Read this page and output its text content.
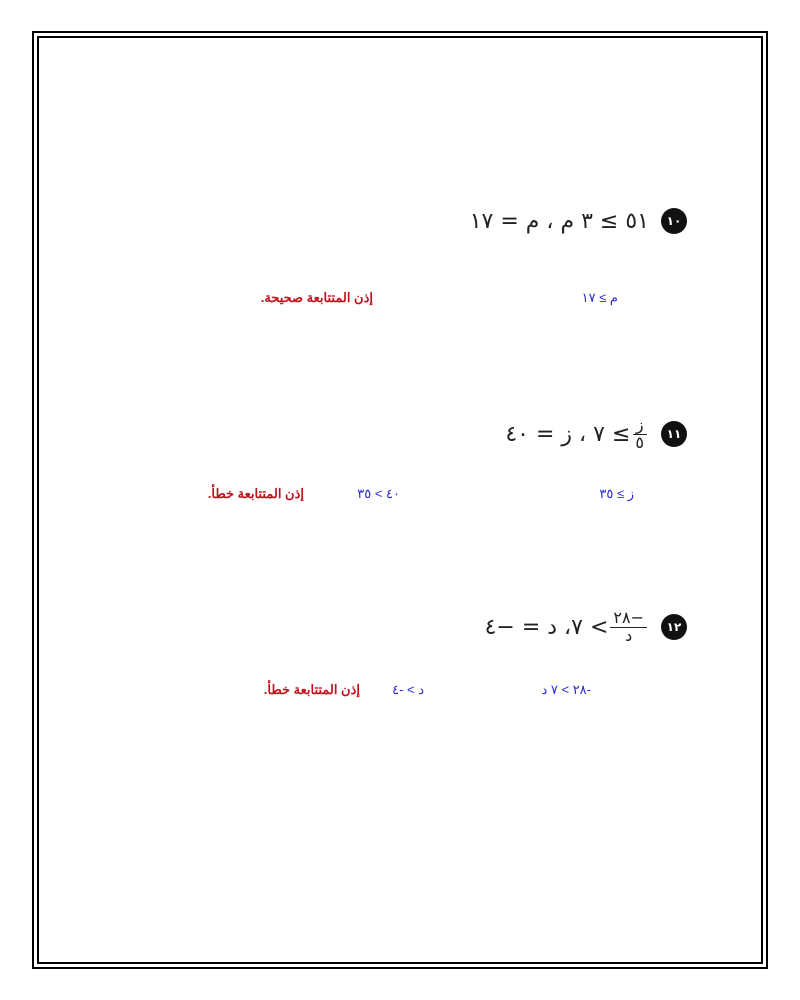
١٠
٥١ ≥ ٣ م ، م = ١٧
م ≥ ١٧
إذن المتتابعة صحيحة.
١١
$\frac{\text{ز}}{٥}$
≥ ٧ ، ز = ٤٠
ز ≥ ٣٥
٤٠ > ٣٥
إذن المتتابعة خطأ.
١٢
$\frac{-٢٨}{\text{د}}$
> ٧، د = −٤
-٢٨ > ٧ د
د > -٤
إذن المتتابعة خطأ.
